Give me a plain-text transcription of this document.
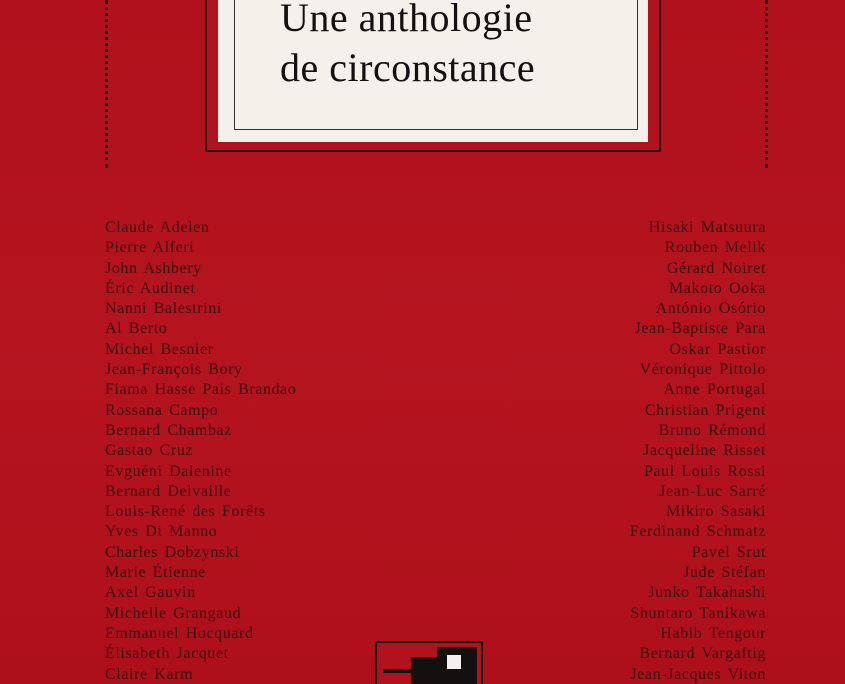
Une anthologie
de circonstance
Claude Adelen
Pierre Alferi
John Ashbery
Éric Audinet
Nanni Balestrini
Al Berto
Michel Besnier
Jean-François Bory
Fiama Hasse Pais Brandao
Rossana Campo
Bernard Chambaz
Gastao Cruz
Evguéni Dalenine
Bernard Delvaille
Louis-René des Forêts
Yves Di Manno
Charles Dobzynski
Marie Étienne
Axel Gauvin
Michelle Grangaud
Emmanuel Hocquard
Élisabeth Jacquet
Claire Karm
Hisaki Matsuura
Rouben Melik
Gérard Noiret
Makoto Ooka
António Osório
Jean-Baptiste Para
Oskar Pastior
Véronique Pittolo
Anne Portugal
Christian Prigent
Bruno Rémond
Jacqueline Risset
Paul Louis Rossi
Jean-Luc Sarré
Mikiro Sasaki
Ferdinand Schmatz
Pavel Srut
Jude Stéfan
Junko Takahashi
Shuntaro Tanikawa
Habib Tengour
Bernard Vargaftig
Jean-Jacques Viton
